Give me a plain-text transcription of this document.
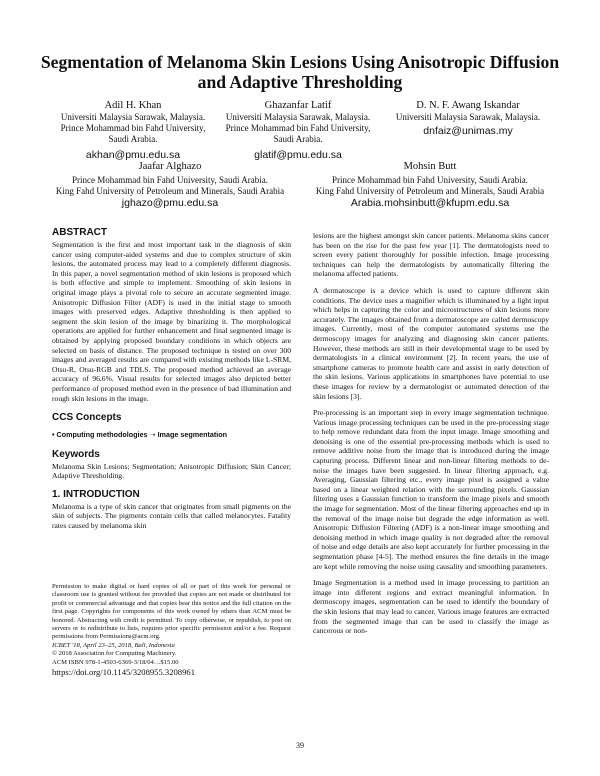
Segmentation of Melanoma Skin Lesions Using Anisotropic Diffusion and Adaptive Thresholding
Adil H. Khan
Universiti Malaysia Sarawak, Malaysia.
Prince Mohammad bin Fahd University, Saudi Arabia.
akhan@pmu.edu.sa
Ghazanfar Latif
Universiti Malaysia Sarawak, Malaysia.
Prince Mohammad bin Fahd University, Saudi Arabia.
glatif@pmu.edu.sa
D. N. F. Awang Iskandar
Universiti Malaysia Sarawak, Malaysia.
dnfaiz@unimas.my
Jaafar Alghazo
Prince Mohammad bin Fahd University, Saudi Arabia.
King Fahd University of Petroleum and Minerals, Saudi Arabia
jghazo@pmu.edu.sa
Mohsin Butt
Prince Mohammad bin Fahd University, Saudi Arabia.
King Fahd University of Petroleum and Minerals, Saudi Arabia
Arabia.mohsinbutt@kfupm.edu.sa
ABSTRACT

Segmentation is the first and most important task in the diagnosis of skin cancer using computer-aided systems and due to complex structure of skin lesions, the automated process may lead to a completely different diagnosis. In this paper, a novel segmentation method of skin lesions is proposed which is both effective and simple to implement. Smoothing of skin lesions in original image plays a pivotal role to secure an accurate segmented image. Anisotropic Diffusion Filter (ADF) is used in the initial stage to smooth images with preserved edges. Adaptive thresholding is then applied to segment the skin lesion of the image by binarizing it. The morphological operations are applied for further enhancement and final segmented image is obtained by applying proposed boundary conditions in which objects are selected on basis of distance. The proposed technique is tested on over 300 images and averaged results are compared with existing methods like L-SRM, Otsu-R, Otsu-RGB and TDLS. The proposed method achieved an average accuracy of 96.6%. Visual results for selected images also depicted better performance of proposed method even in the presence of bad illumination and rough skin lesions in the image.

CCS Concepts
• Computing methodologies ➝ Image segmentation
Keywords

Melanoma Skin Lesions; Segmentation; Anisotropic Diffusion; Skin Cancer; Adaptive Thresholding.

1. INTRODUCTION

Melanoma is a type of skin cancer that originates from small pigments on the skin of subjects. The pigments contain cells that called melanocytes. Fatality rates caused by melanoma skin

Permission to make digital or hard copies of all or part of this work for personal or classroom use is granted without fee provided that copies are not made or distributed for profit or commercial advantage and that copies bear this notice and the full citation on the first page. Copyrights for components of this work owned by others than ACM must be honored. Abstracting with credit is permitted. To copy otherwise, or republish, to post on servers or to redistribute to lists, requires prior specific permission and/or a fee. Request permissions from Permissions@acm.org.

ICBET '18, April 23–25, 2018, Bali, Indonesia

© 2018 Association for Computing Machinery.

ACM ISBN 978-1-4503-6369-3/18/04…$15.00

https://doi.org/10.1145/3208955.3208961

lesions are the highest amongst skin cancer patients. Melanoma skins cancer has been on the rise for the past few year [1]. The dermatologists need to screen every patient thoroughly for possible infection. Image processing techniques can help the dermatologists by automatically filtering the melanoma affected patients.

A dermatoscope is a device which is used to capture different skin conditions. The device uses a magnifier which is illuminated by a light input which helps in capturing the color and microstructures of skin lesions more accurately. The images obtained from a dermatoscope are called dermoscopy images. Currently, most of the computer automated systems use the dermoscopy images for analyzing and diagnosing skin cancer patients. However, these methods are still in their developmental stage to be used by dermatologists in a clinical environment [2]. In recent years, the use of smartphone cameras to promote health care and assist in early detection of the skin lesions. Various applications in smartphones have potential to use these images for review by a dermatologist or automated detection of the skin lesions [3].

Pre-processing is an important step in every image segmentation technique. Various image processing techniques can be used in the pre-processing stage to help remove redundant data from the input image. Image smoothing and denoising is one of the essential pre-processing methods which is used to remove additive noise from the image that is introduced during the image capturing process. Different linear and non-linear filtering methods to de-noise the images have been suggested. In linear filtering approach, e.g. Averaging, Gaussian filtering etc., every image pixel is assigned a value based on a linear weighted relation with the surrounding pixels. Gaussian filtering uses a Gaussian function to transform the image pixels and smooth the image for segmentation. Most of the linear filtering approaches end up in the removal of the image noise but degrade the edge information as well. Anisotropic Diffusion Filtering (ADF) is a non-linear image smoothing and denoising method in which image quality is not degraded after the removal of noise and edge details are also kept accurately for further processing in the segmentation phase [4-5]. The method ensures the fine details in the image are kept while removing the noise using causality and smoothing parameters.

Image Segmentation is a method used in image processing to partition an image into different regions and extract meaningful information. In dermoscopy images, segmentation can be used to identify the boundary of the skin lesions that may lead to cancer. Various image features are extracted from the segmented image that can be used to classify the image as cancerous or non-

39
